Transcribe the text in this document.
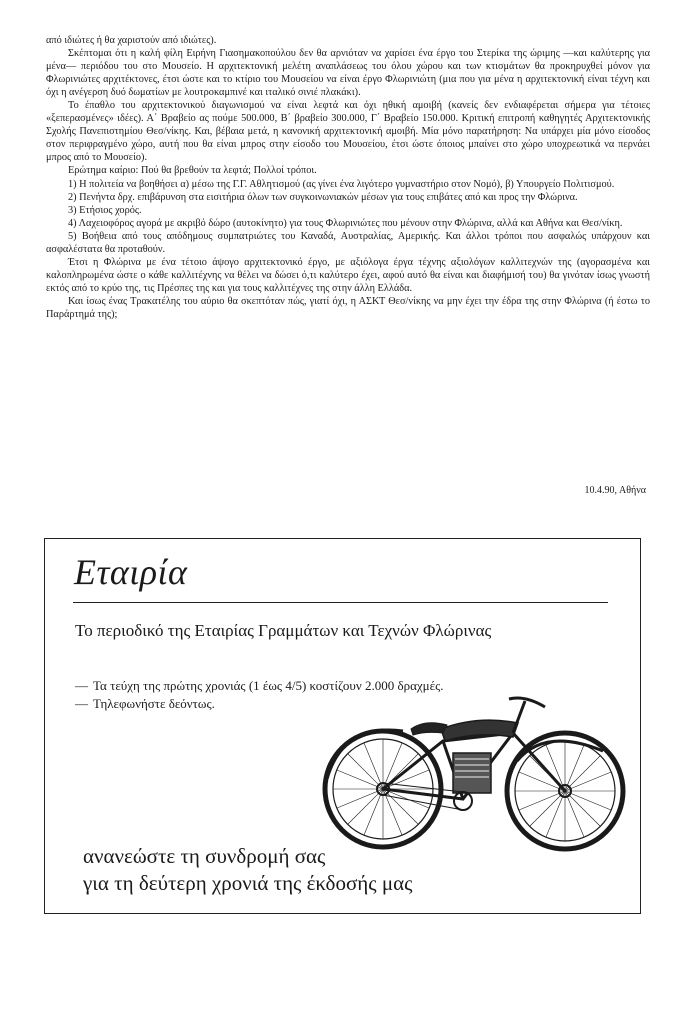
από ιδιώτες ή θα χαριστούν από ιδιώτες).

Σκέπτομαι ότι η καλή φίλη Ειρήνη Γιασημακοπούλου δεν θα αρνιόταν να χαρίσει ένα έργο του Στερίκα της ώριμης —και καλύτερης για μένα— περιόδου του στο Μουσείο. Η αρχιτεκτονική μελέτη αναπλάσεως του όλου χώρου και των κτισμάτων θα προκηρυχθεί μόνον για Φλωρινιώτες αρχιτέκτονες, έτσι ώστε και το κτίριο του Μουσείου να είναι έργο Φλωρινιώτη (μια που για μένα η αρχιτεκτονική είναι τέχνη και όχι η ανέγερση δυό δωματίων με λουτροκαμπινέ και ιταλικό σινιέ πλακάκι).

Το έπαθλο του αρχιτεκτονικού διαγωνισμού να είναι λεφτά και όχι ηθική αμοιβή (κανείς δεν ενδιαφέρεται σήμερα για τέτοιες «ξεπερασμένες» ιδέες). Α΄ Βραβείο ας πούμε 500.000, Β΄ βραβείο 300.000, Γ΄ Βραβείο 150.000. Κριτική επιτροπή καθηγητές Αρχιτεκτονικής Σχολής Πανεπιστημίου Θεσ/νίκης. Και, βέβαια μετά, η κανονική αρχιτεκτονική αμοιβή. Μία μόνο παρατήρηση: Να υπάρχει μία μόνο είσοδος στον περιφραγμένο χώρο, αυτή που θα είναι μπρος στην είσοδο του Μουσείου, έτσι ώστε όποιος μπαίνει στο χώρο υποχρεωτικά να περνάει μπρος από το Μουσείο).

Ερώτημα καίριο: Πού θα βρεθούν τα λεφτά; Πολλοί τρόποι.

1) Η πολιτεία να βοηθήσει α) μέσω της Γ.Γ. Αθλητισμού (ας γίνει ένα λιγότερο γυμναστήριο στον Νομό), β) Υπουργείο Πολιτισμού.

2) Πενήντα δρχ. επιβάρυνση στα εισιτήρια όλων των συγκοινωνιακών μέσων για τους επιβάτες από και προς την Φλώρινα.

3) Ετήσιος χορός.

4) Λαχειοφόρος αγορά με ακριβό δώρο (αυτοκίνητο) για τους Φλωρινιώτες που μένουν στην Φλώρινα, αλλά και Αθήνα και Θεσ/νίκη.

5) Βοήθεια από τους απόδημους συμπατριώτες του Καναδά, Αυστραλίας, Αμερικής. Και άλλοι τρόποι που ασφαλώς υπάρχουν και ασφαλέστατα θα προταθούν.

Έτσι η Φλώρινα με ένα τέτοιο άψογο αρχιτεκτονικό έργο, με αξιόλογα έργα τέχνης αξιολόγων καλλιτεχνών της (αγορασμένα και καλοπληρωμένα ώστε ο κάθε καλλιτέχνης να θέλει να δώσει ό,τι καλύτερο έχει, αφού αυτό θα είναι και διαφήμισή του) θα γινόταν ίσως γνωστή εκτός από το κρύο της, τις Πρέσπες της και για τους καλλιτέχνες της στην άλλη Ελλάδα.

Και ίσως ένας Τρακατέλης του αύριο θα σκεπτόταν πώς, γιατί όχι, η ΑΣΚΤ Θεσ/νίκης να μην έχει την έδρα της στην Φλώρινα (ή έστω το Παράρτημά της);

10.4.90, Αθήνα
Εταιρία
Το περιοδικό της Εταιρίας Γραμμάτων και Τεχνών Φλώρινας
— Τα τεύχη της πρώτης χρονιάς (1 έως 4/5) κοστίζουν 2.000 δραχμές.
— Τηλεφωνήστε δεόντως.
ανανεώστε τη συνδρομή σας
για τη δεύτερη χρονιά της έκδοσής μας
